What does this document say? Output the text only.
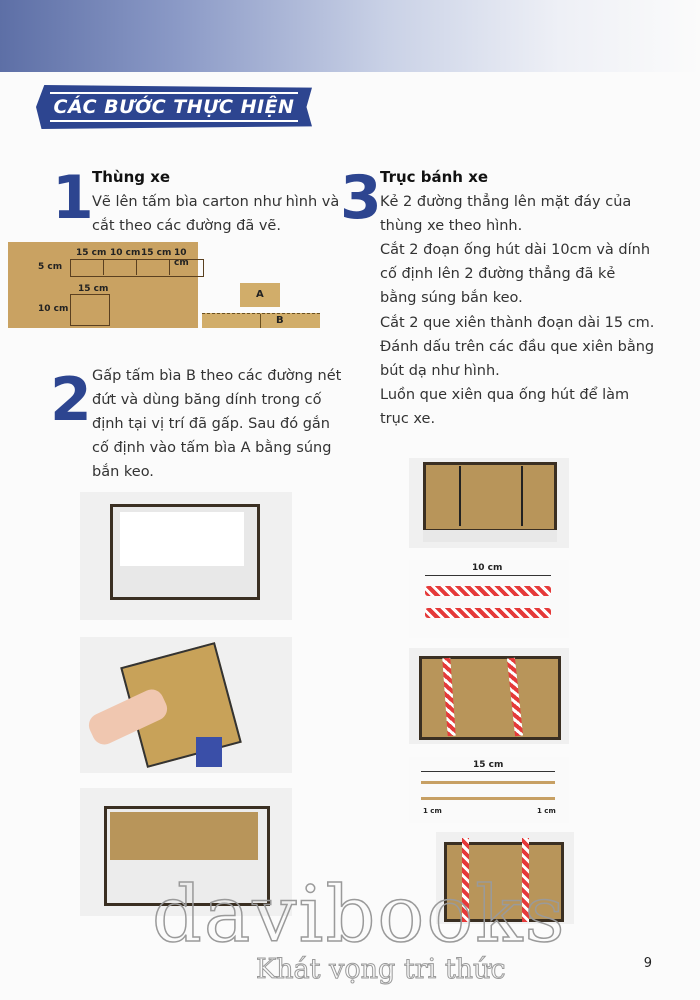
CÁC BƯỚC THỰC HIỆN
1
Thùng xe
Vẽ lên tấm bìa carton như hình và
cắt theo các đường đã vẽ.
15 cm 10 cm 15 cm 10 cm
5 cm
15 cm
10 cm
A
B
2 Gấp tấm bìa B theo các đường nét
đứt và dùng băng dính trong cố
định tại vị trí đã gấp. Sau đó gắn
cố định vào tấm bìa A bằng súng
bắn keo.
3
Trục bánh xe
Kẻ 2 đường thẳng lên mặt đáy của
thùng xe theo hình.
Cắt 2 đoạn ống hút dài 10cm và dính
cố định lên 2 đường thẳng đã kẻ
bằng súng bắn keo.
Cắt 2 que xiên thành đoạn dài 15 cm.
Đánh dấu trên các đầu que xiên bằng
bút dạ như hình.
Luồn que xiên qua ống hút để làm
trục xe.
10 cm
15 cm
1 cm	1 cm
9
davibooks
Khát vọng tri thức
